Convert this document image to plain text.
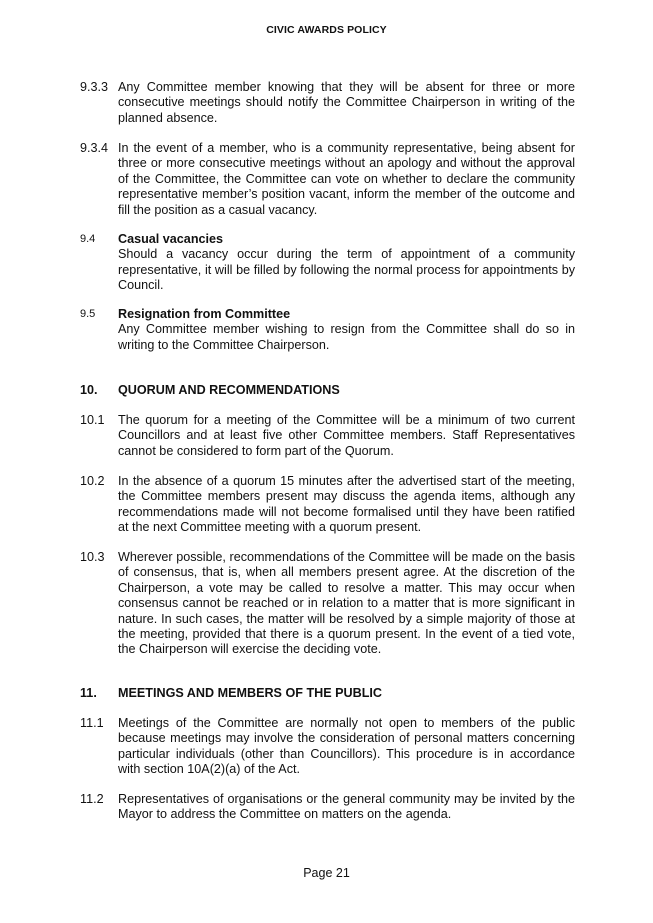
CIVIC AWARDS POLICY
9.3.3 Any Committee member knowing that they will be absent for three or more consecutive meetings should notify the Committee Chairperson in writing of the planned absence.
9.3.4 In the event of a member, who is a community representative, being absent for three or more consecutive meetings without an apology and without the approval of the Committee, the Committee can vote on whether to declare the community representative member’s position vacant, inform the member of the outcome and fill the position as a casual vacancy.
9.4	Casual vacancies
Should a vacancy occur during the term of appointment of a community representative, it will be filled by following the normal process for appointments by Council.
9.5	Resignation from Committee
Any Committee member wishing to resign from the Committee shall do so in writing to the Committee Chairperson.
10. QUORUM AND RECOMMENDATIONS
10.1	The quorum for a meeting of the Committee will be a minimum of two current Councillors and at least five other Committee members. Staff Representatives cannot be considered to form part of the Quorum.
10.2	In the absence of a quorum 15 minutes after the advertised start of the meeting, the Committee members present may discuss the agenda items, although any recommendations made will not become formalised until they have been ratified at the next Committee meeting with a quorum present.
10.3	Wherever possible, recommendations of the Committee will be made on the basis of consensus, that is, when all members present agree. At the discretion of the Chairperson, a vote may be called to resolve a matter. This may occur when consensus cannot be reached or in relation to a matter that is more significant in nature. In such cases, the matter will be resolved by a simple majority of those at the meeting, provided that there is a quorum present. In the event of a tied vote, the Chairperson will exercise the deciding vote.
11. MEETINGS AND MEMBERS OF THE PUBLIC
11.1	Meetings of the Committee are normally not open to members of the public because meetings may involve the consideration of personal matters concerning particular individuals (other than Councillors). This procedure is in accordance with section 10A(2)(a) of the Act.
11.2	Representatives of organisations or the general community may be invited by the Mayor to address the Committee on matters on the agenda.
Page 21
